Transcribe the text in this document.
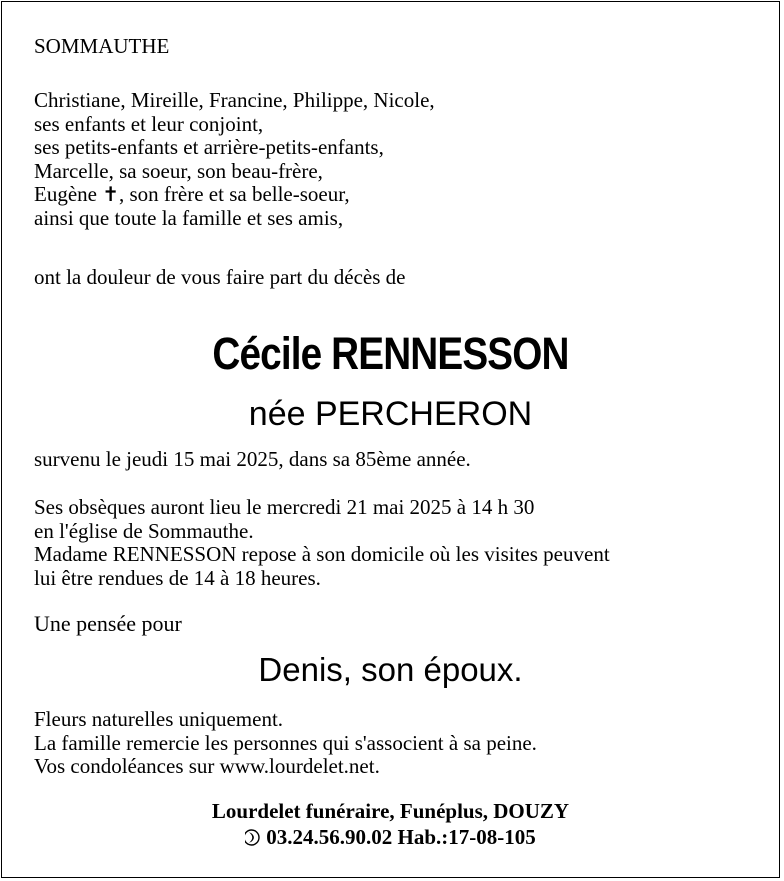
SOMMAUTHE
Christiane, Mireille, Francine, Philippe, Nicole,
ses enfants et leur conjoint,
ses petits-enfants et arrière-petits-enfants,
Marcelle, sa soeur, son beau-frère,
Eugène ✝, son frère et sa belle-soeur,
ainsi que toute la famille et ses amis,
ont la douleur de vous faire part du décès de
Cécile RENNESSON
née PERCHERON
survenu le jeudi 15 mai 2025, dans sa 85ème année.
Ses obsèques auront lieu le mercredi 21 mai 2025 à 14 h 30
en l'église de Sommauthe.
Madame RENNESSON repose à son domicile où les visites peuvent
lui être rendues de 14 à 18 heures.
Une pensée pour
Denis, son époux.
Fleurs naturelles uniquement.
La famille remercie les personnes qui s'associent à sa peine.
Vos condoléances sur www.lourdelet.net.
Lourdelet funéraire, Funéplus, DOUZY
03.24.56.90.02 Hab.:17-08-105
